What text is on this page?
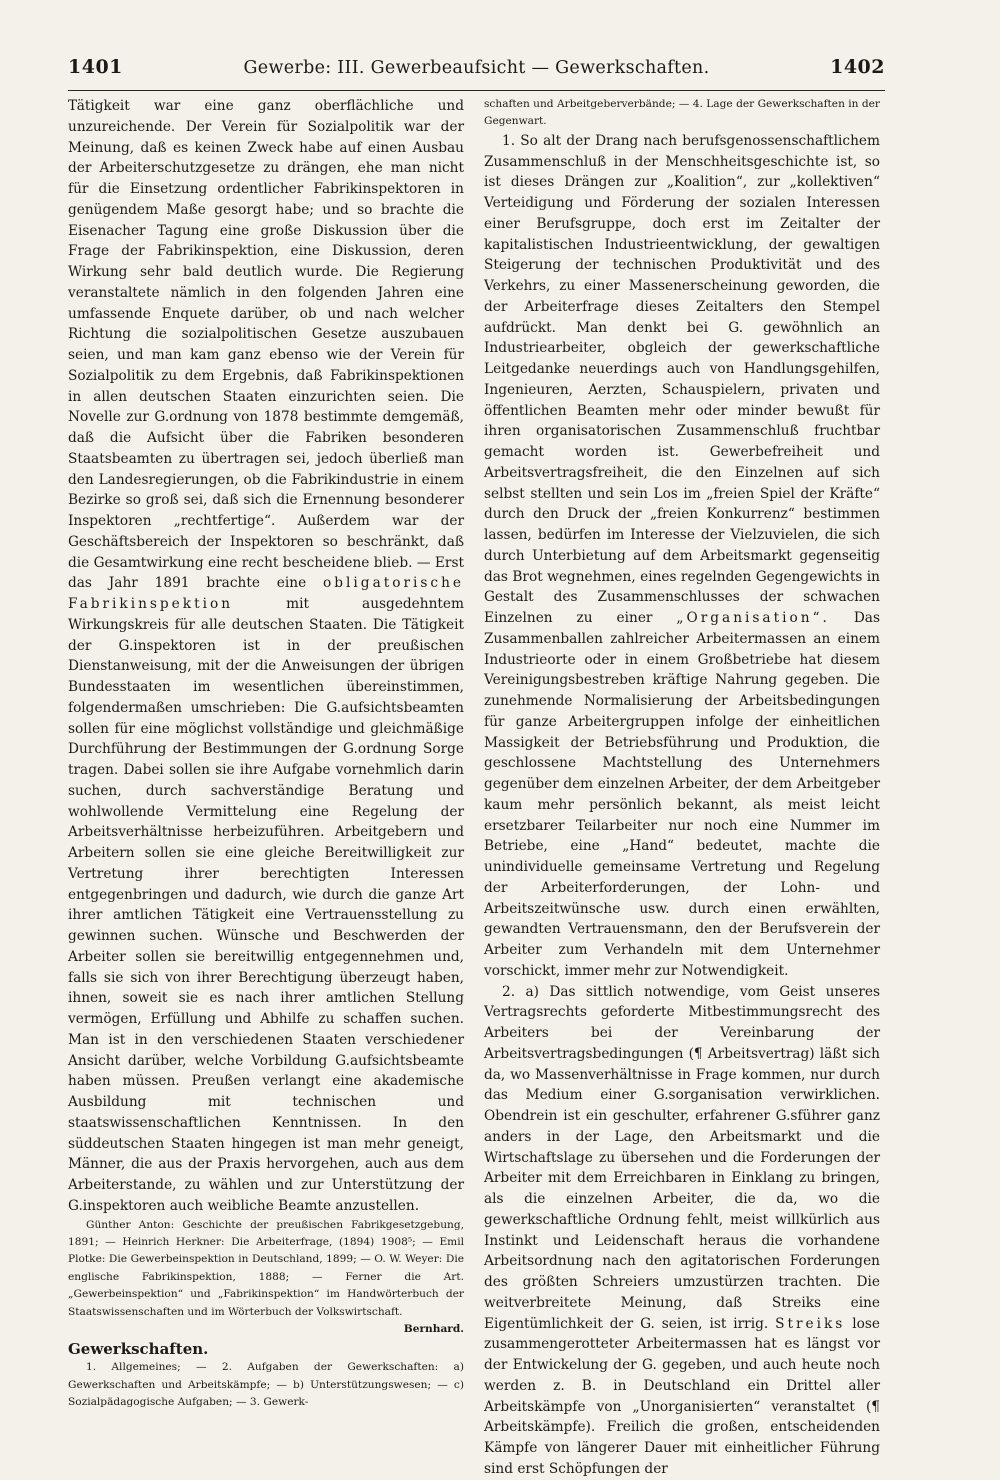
1401	Gewerbe: III. Gewerbeaufsicht — Gewerkschaften.	1402

Tätigkeit war eine ganz oberflächliche und unzureichende. Der Verein für Sozialpolitik war der Meinung, daß es keinen Zweck habe auf einen Ausbau der Arbeiterschutzgesetze zu drängen, ehe man nicht für die Einsetzung ordentlicher Fabrikinspektoren in genügendem Maße gesorgt habe; und so brachte die Eisenacher Tagung eine große Diskussion über die Frage der Fabrikinspektion, eine Diskussion, deren Wirkung sehr bald deutlich wurde. Die Regierung veranstaltete nämlich in den folgenden Jahren eine umfassende Enquete darüber, ob und nach welcher Richtung die sozialpolitischen Gesetze auszubauen seien, und man kam ganz ebenso wie der Verein für Sozialpolitik zu dem Ergebnis, daß Fabrikinspektionen in allen deutschen Staaten einzurichten seien. Die Novelle zur G.ordnung von 1878 bestimmte demgemäß, daß die Aufsicht über die Fabriken besonderen Staatsbeamten zu übertragen sei, jedoch überließ man den Landesregierungen, ob die Fabrikindustrie in einem Bezirke so groß sei, daß sich die Ernennung besonderer Inspektoren „rechtfertige“. Außerdem war der Geschäftsbereich der Inspektoren so beschränkt, daß die Gesamtwirkung eine recht bescheidene blieb. — Erst das Jahr 1891 brachte eine obligatorische Fabrikinspektion	mit ausgedehntem Wirkungskreis für alle deutschen Staaten. Die Tätigkeit der G.inspektoren ist in der preußischen Dienstanweisung, mit der die Anweisungen der übrigen Bundesstaaten im wesentlichen übereinstimmen, folgendermaßen umschrieben: Die G.aufsichtsbeamten sollen für eine möglichst vollständige und gleichmäßige Durchführung der Bestimmungen der G.ordnung Sorge tragen. Dabei sollen sie ihre Aufgabe vornehmlich darin suchen, durch sachverständige Beratung und wohlwollende Vermittelung eine Regelung der Arbeitsverhältnisse herbeizuführen. Arbeitgebern und Arbeitern sollen sie eine gleiche Bereitwilligkeit zur Vertretung ihrer berechtigten Interessen entgegenbringen und dadurch, wie durch die ganze Art ihrer amtlichen Tätigkeit eine Vertrauensstellung zu gewinnen suchen. Wünsche und Beschwerden der Arbeiter sollen sie bereitwillig entgegennehmen und, falls sie sich von ihrer Berechtigung überzeugt haben, ihnen, soweit sie es nach ihrer amtlichen Stellung vermögen, Erfüllung und Abhilfe zu schaffen suchen. Man ist in den verschiedenen Staaten verschiedener Ansicht darüber, welche Vorbildung G.aufsichtsbeamte haben müssen. Preußen verlangt eine akademische Ausbildung mit technischen und staatswissenschaftlichen Kenntnissen. In den süddeutschen Staaten hingegen ist man mehr geneigt, Männer, die aus der Praxis hervorgehen, auch aus dem Arbeiterstande, zu wählen und zur Unterstützung der G.inspektoren auch weibliche Beamte anzustellen.

Günther Anton: Geschichte der preußischen Fabrikgesetzgebung, 1891; — Heinrich Herkner: Die Arbeiterfrage, (1894) 1908⁵; — Emil Plotke: Die Gewerbeinspektion in Deutschland, 1899; — O. W. Weyer: Die englische Fabrikinspektion, 1888; — Ferner die Art. „Gewerbeinspektion“ und „Fabrikinspektion“ im Handwörterbuch der Staatswissenschaften und im Wörterbuch der Volkswirtschaft.
Bernhard.

Gewerkschaften.

1. Allgemeines; — 2. Aufgaben der Gewerkschaften: a) Gewerkschaften und Arbeitskämpfe; — b) Unterstützungswesen; — c) Sozialpädagogische Aufgaben; — 3. Gewerk-

schaften und Arbeitgeberverbände; — 4. Lage der Gewerkschaften in der Gegenwart.

1. So alt der Drang nach berufsgenossenschaftlichem Zusammenschluß in der Menschheitsgeschichte ist, so ist dieses Drängen zur „Koalition“, zur „kollektiven“ Verteidigung und Förderung der sozialen Interessen einer Berufsgruppe, doch erst im Zeitalter der kapitalistischen Industrieentwicklung, der gewaltigen Steigerung der technischen Produktivität und des Verkehrs, zu einer Massenerscheinung geworden, die der Arbeiterfrage dieses Zeitalters den Stempel aufdrückt. Man denkt bei G. gewöhnlich an Industriearbeiter, obgleich der gewerkschaftliche Leitgedanke neuerdings auch von Handlungsgehilfen, Ingenieuren, Aerzten, Schauspielern, privaten und öffentlichen Beamten mehr oder minder bewußt für ihren organisatorischen Zusammenschluß fruchtbar gemacht worden ist. Gewerbefreiheit und Arbeitsvertragsfreiheit, die den Einzelnen auf sich selbst stellten und sein Los im „freien Spiel der Kräfte“ durch den Druck der „freien Konkurrenz“ bestimmen lassen, bedürfen im Interesse der Vielzuvielen, die sich durch Unterbietung auf dem Arbeitsmarkt gegenseitig das Brot wegnehmen, eines regelnden Gegengewichts in Gestalt des Zusammenschlusses der schwachen Einzelnen zu einer „Organisation“. Das Zusammenballen zahlreicher Arbeitermassen an einem Industrieorte oder in einem Großbetriebe hat diesem Vereinigungsbestreben kräftige Nahrung gegeben. Die zunehmende Normalisierung der Arbeitsbedingungen für ganze Arbeitergruppen infolge der einheitlichen Massigkeit der Betriebsführung und Produktion, die geschlossene Machtstellung des Unternehmers gegenüber dem einzelnen Arbeiter, der dem Arbeitgeber kaum mehr persönlich bekannt, als meist leicht ersetzbarer Teilarbeiter nur noch eine Nummer im Betriebe, eine „Hand“ bedeutet, machte die unindividuelle gemeinsame Vertretung und Regelung der Arbeiterforderungen, der Lohn- und Arbeitszeitwünsche usw. durch einen erwählten, gewandten Vertrauensmann, den der Berufsverein der Arbeiter zum Verhandeln mit dem Unternehmer vorschickt, immer mehr zur Notwendigkeit.

2. a) Das sittlich notwendige, vom Geist unseres Vertragsrechts geforderte Mitbestimmungsrecht des Arbeiters bei der Vereinbarung der Arbeitsvertragsbedingungen (¶ Arbeitsvertrag) läßt sich da, wo Massenverhältnisse in Frage kommen, nur durch das Medium einer G.sorganisation verwirklichen. Obendrein ist ein geschulter, erfahrener G.sführer ganz anders in der Lage, den Arbeitsmarkt und die Wirtschaftslage zu übersehen und die Forderungen der Arbeiter mit dem Erreichbaren in Einklang zu bringen, als die einzelnen Arbeiter, die da, wo die gewerkschaftliche Ordnung fehlt, meist willkürlich aus Instinkt und Leidenschaft heraus die vorhandene Arbeitsordnung nach den agitatorischen Forderungen des größten Schreiers umzustürzen trachten. Die weitverbreitete Meinung, daß Streiks eine Eigentümlichkeit der G. seien, ist irrig. Streiks lose zusammengerotteter Arbeitermassen hat es längst vor der Entwickelung der G. gegeben, und auch heute noch werden z. B. in Deutschland ein Drittel aller Arbeitskämpfe von „Unorganisierten“ veranstaltet (¶ Arbeitskämpfe). Freilich die großen, entscheidenden Kämpfe von längerer Dauer mit einheitlicher Führung sind erst Schöpfungen der
